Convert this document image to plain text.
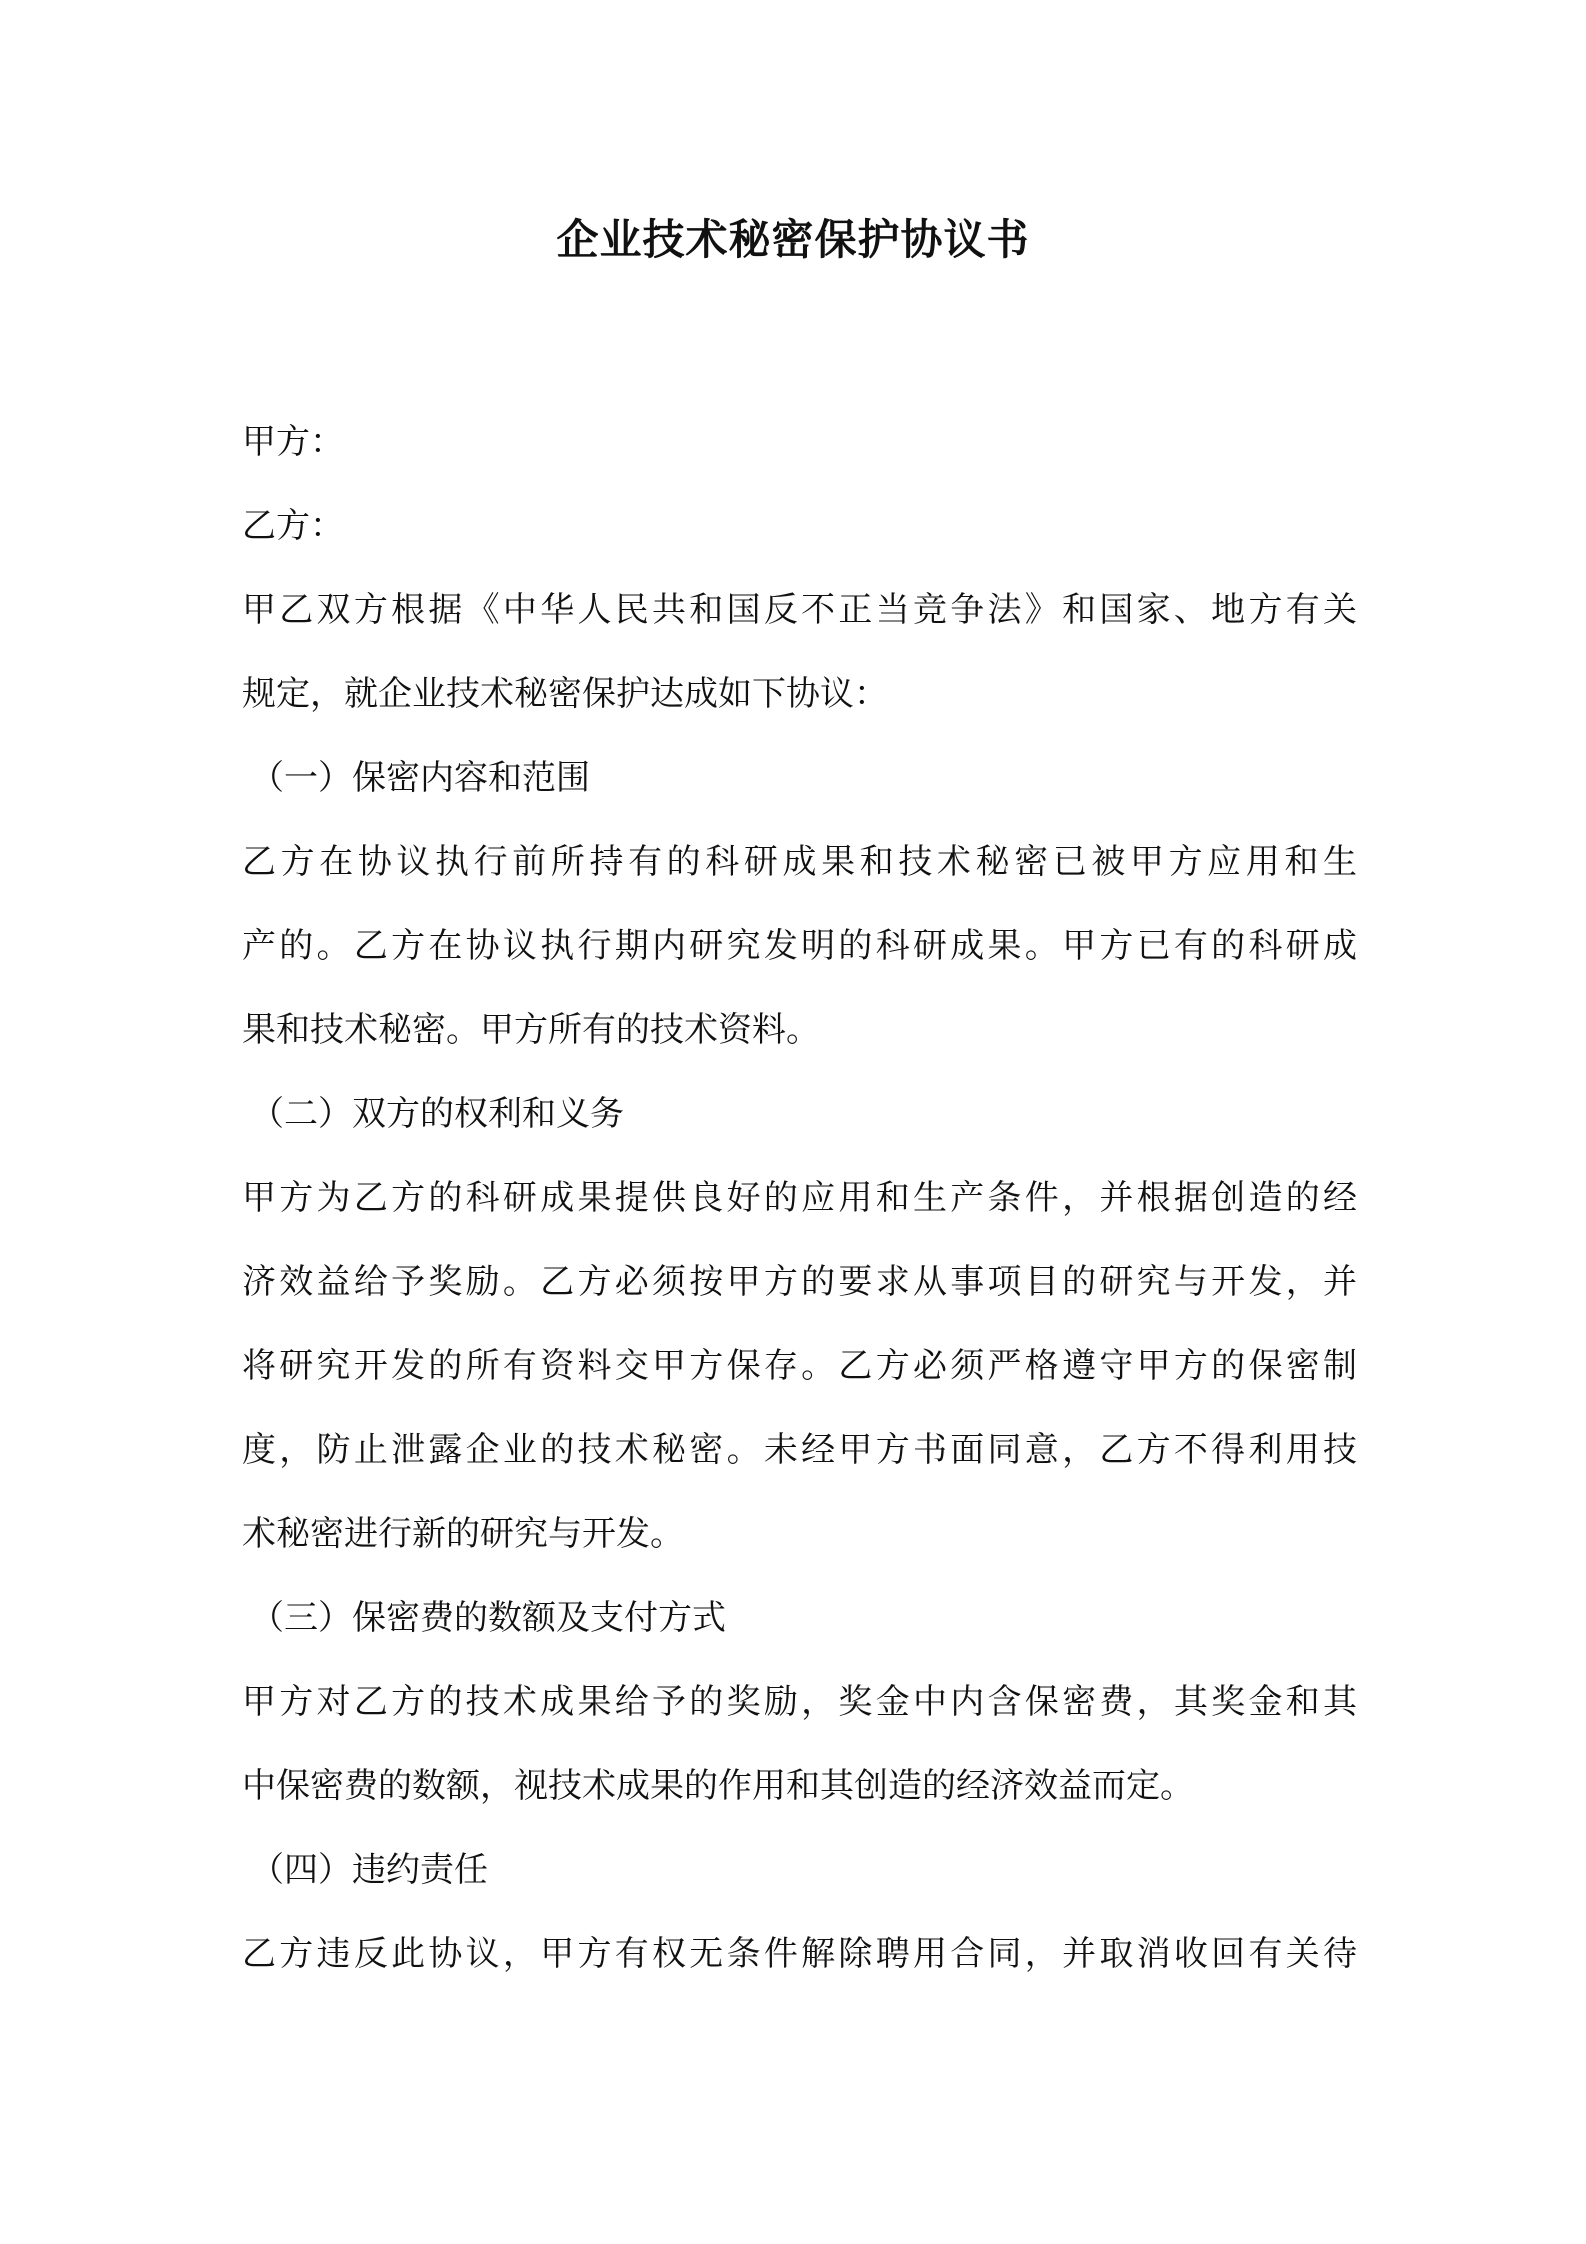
企业技术秘密保护协议书

甲方：

乙方：

甲乙双方根据《中华人民共和国反不正当竞争法》和国家、地方有关

规定，就企业技术秘密保护达成如下协议：

（一）保密内容和范围

乙方在协议执行前所持有的科研成果和技术秘密已被甲方应用和生

产的。乙方在协议执行期内研究发明的科研成果。甲方已有的科研成

果和技术秘密。甲方所有的技术资料。

（二）双方的权利和义务

甲方为乙方的科研成果提供良好的应用和生产条件，并根据创造的经

济效益给予奖励。乙方必须按甲方的要求从事项目的研究与开发，并

将研究开发的所有资料交甲方保存。乙方必须严格遵守甲方的保密制

度，防止泄露企业的技术秘密。未经甲方书面同意，乙方不得利用技

术秘密进行新的研究与开发。

（三）保密费的数额及支付方式

甲方对乙方的技术成果给予的奖励，奖金中内含保密费，其奖金和其

中保密费的数额，视技术成果的作用和其创造的经济效益而定。

（四）违约责任

乙方违反此协议，甲方有权无条件解除聘用合同，并取消收回有关待
